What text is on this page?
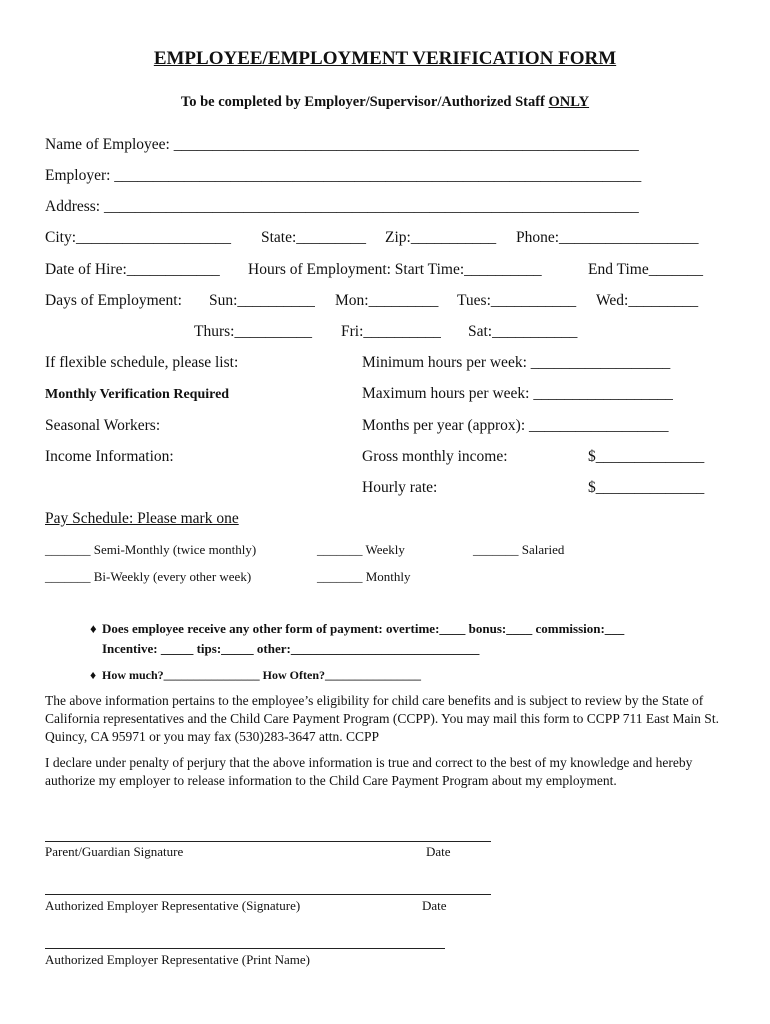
EMPLOYEE/EMPLOYMENT VERIFICATION FORM
To be completed by Employer/Supervisor/Authorized Staff ONLY
Name of Employee: ____________________________________________________________
Employer: ____________________________________________________________________
Address: _____________________________________________________________________
City:____________________ State:_________ Zip:___________ Phone:__________________
Date of Hire:____________ Hours of Employment: Start Time:__________	End Time_______
Days of Employment: Sun:__________ Mon:_________ Tues:___________ Wed:_________
Thurs:__________ Fri:__________ Sat:___________
If flexible schedule, please list:	Minimum hours per week: __________________
Monthly Verification Required	Maximum hours per week: __________________
Seasonal Workers:	Months per year (approx): __________________
Income Information:	Gross monthly income:	$______________
Hourly rate:	$______________
Pay Schedule: Please mark one
_______ Semi-Monthly (twice monthly)	_______ Weekly	_______ Salaried
_______ Bi-Weekly (every other week)	_______ Monthly
♦ Does employee receive any other form of payment: overtime:____ bonus:____ commission:___
Incentive: _____ tips:_____ other:_____________________________
♦ How much?________________ How Often?________________
The above information pertains to the employee’s eligibility for child care benefits and is subject to review by the State of California representatives and the Child Care Payment Program (CCPP). You may mail this form to CCPP 711 East Main St. Quincy, CA 95971 or you may fax (530)283-3647 attn. CCPP
I declare under penalty of perjury that the above information is true and correct to the best of my knowledge and hereby authorize my employer to release information to the Child Care Payment Program about my employment.
Parent/Guardian Signature	Date
Authorized Employer Representative (Signature)	Date
Authorized Employer Representative (Print Name)
